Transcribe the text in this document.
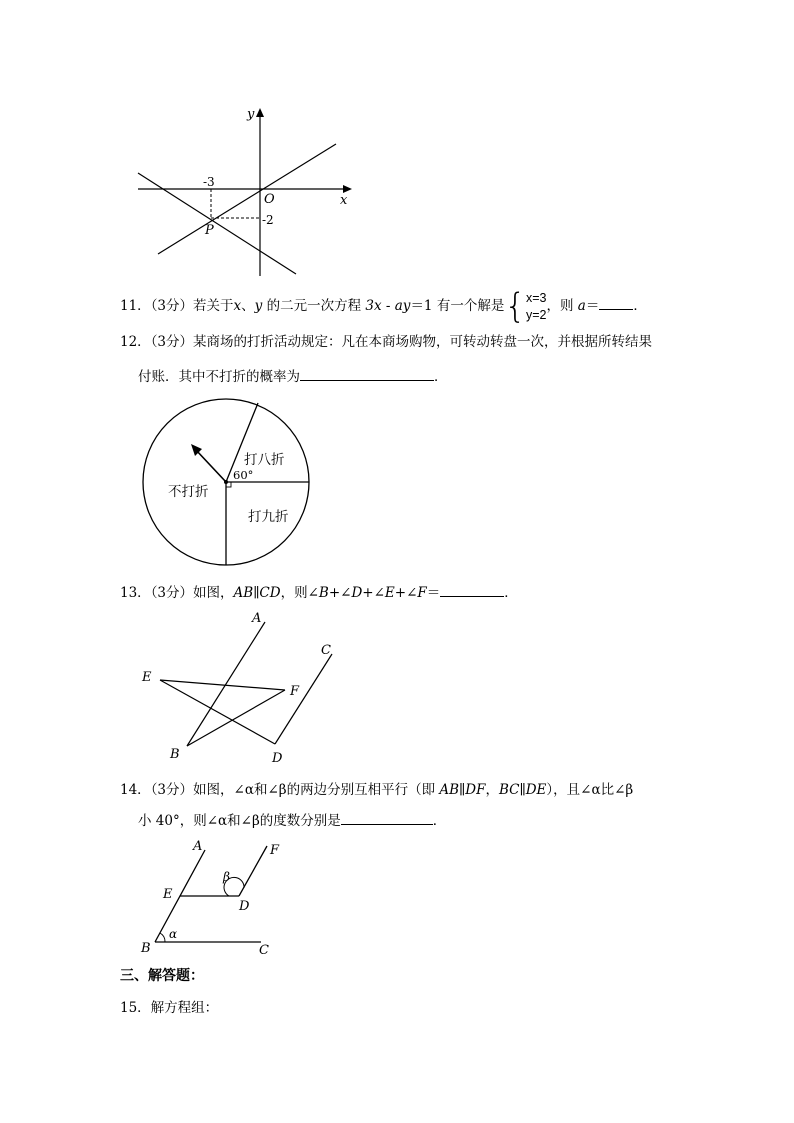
y
x
O
-3
-2
P
11．（3分）若关于x、y 的二元一次方程 3x - ay＝1 有一个解是{x=3
y=2，则 a＝	．
12．（3分）某商场的打折活动规定：凡在本商场购物，可转动转盘一次，并根据所转结果
付账．其中不打折的概率为	．
打八折
打九折
不打折
60°
13．（3分）如图，AB∥CD，则∠B+∠D+∠E+∠F＝	．
A
B
C
D
E
F
14．（3分）如图，∠α和∠β的两边分别互相平行（即 AB∥DF，BC∥DE），且∠α比∠β
小 40°，则∠α和∠β的度数分别是	．
A	F
E
D
B	C
α
β
三、解答题：
15．解方程组：
